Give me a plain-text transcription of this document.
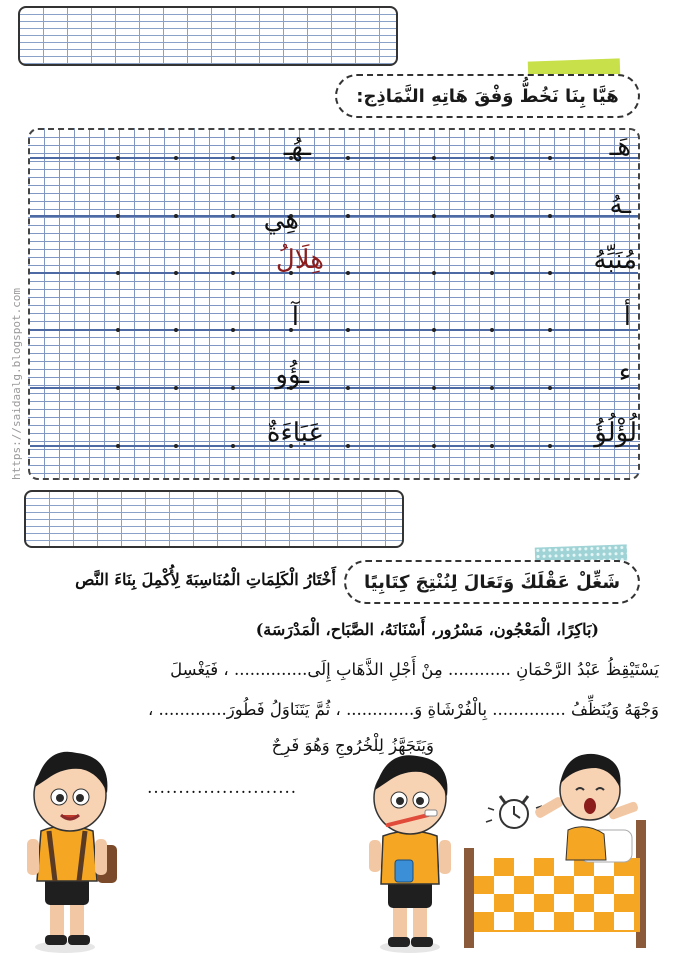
هَيَّا بِنَا نَخُطُّ وَفْقَ هَاتِهِ النَّمَاذِج:
هَـ
ـهُـ
ـهُ
هِي
مُنَبِّهُ
هِلَالُ
أ
آ
ء
ـؤُو
لُؤْلُؤُ
عَبَاءَةٌ
https://saidaalg.blogspot.com
شَغِّلْ عَقْلَكَ وَتَعَالَ لِنُنْتِجَ كِتَابِيًا
أَخْتَارُ الْكَلِمَاتِ الْمُنَاسِبَةَ لِأُكْمِلَ بِنَاءَ النَّص
(بَاكِرًا، الْمَعْجُون، مَسْرُور، أَسْنَانَهُ، الصَّبَاح، الْمَدْرَسَة)
يَسْتَيْقِظُ عَبْدُ الرَّحْمَانِ ............ مِنْ أَجْلِ الذَّهَابِ إِلَى.............. ، فَيَغْسِلَ
وَجْهَهُ وَيُنَظِّفُ .............. بِالْفُرْشَاةِ وَ............. ، ثُمَّ يَتَنَاوَلُ فَطُورَ............. ،
وَيَتَجَهَّزُ لِلْخُرُوجِ وَهُوَ فَرِحٌ
........................
